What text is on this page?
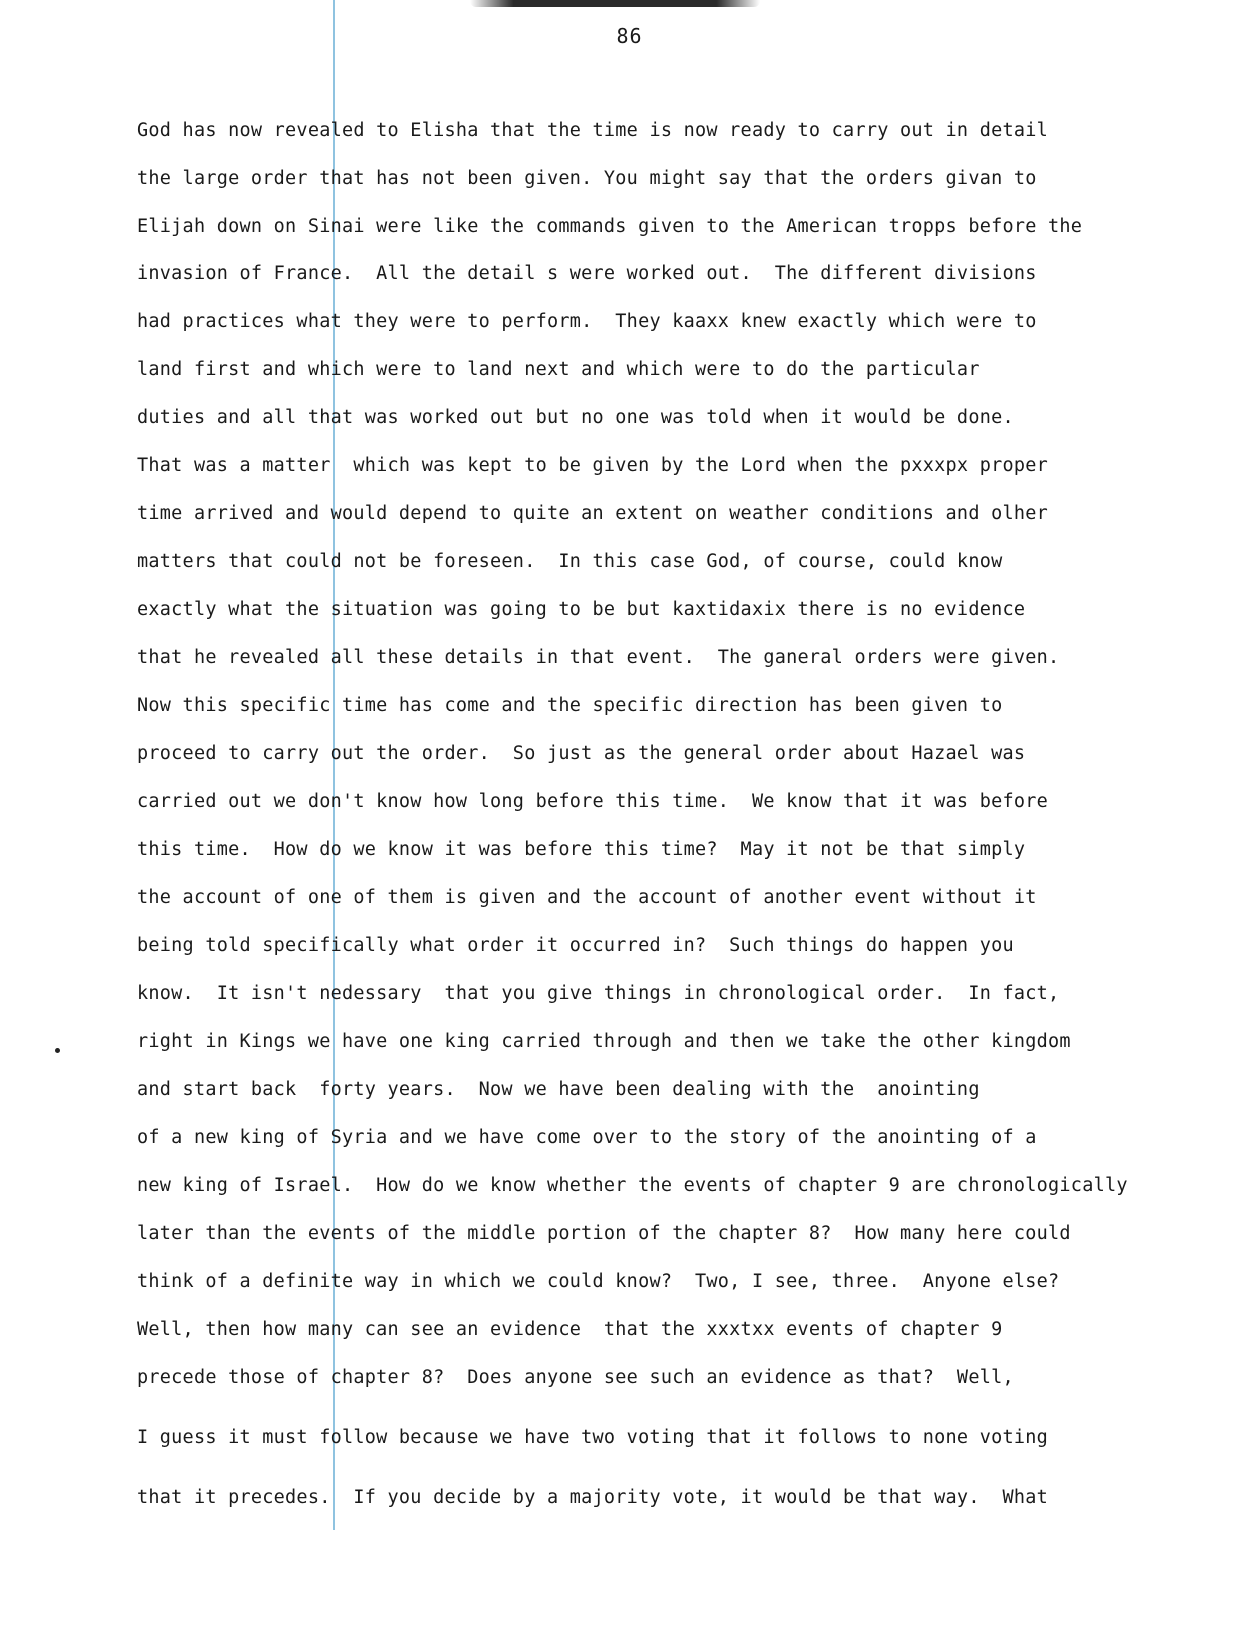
86
God has now revealed to Elisha that the time is now ready to carry out in detail
the large order that has not been given. You might say that the orders givan to
Elijah down on Sinai were like the commands given to the American tropps before the
invasion of France.  All the detail s were worked out.  The different divisions
had practices what they were to perform.  They kaaxx knew exactly which were to
land first and which were to land next and which were to do the particular
duties and all that was worked out but no one was told when it would be done.
That was a matter  which was kept to be given by the Lord when the pxxxpx proper
time arrived and would depend to quite an extent on weather conditions and olher
matters that could not be foreseen.  In this case God, of course, could know
exactly what the situation was going to be but kaxtidaxix there is no evidence
that he revealed all these details in that event.  The ganeral orders were given.
Now this specific time has come and the specific direction has been given to
proceed to carry out the order.  So just as the general order about Hazael was
carried out we don't know how long before this time.  We know that it was before
this time.  How do we know it was before this time?  May it not be that simply
the account of one of them is given and the account of another event without it
being told specifically what order it occurred in?  Such things do happen you
know.  It isn't nedessary  that you give things in chronological order.  In fact,
right in Kings we have one king carried through and then we take the other kingdom
and start back  forty years.  Now we have been dealing with the  anointing
of a new king of Syria and we have come over to the story of the anointing of a
new king of Israel.  How do we know whether the events of chapter 9 are chronologically
later than the events of the middle portion of the chapter 8?  How many here could
think of a definite way in which we could know?  Two, I see, three.  Anyone else?
Well, then how many can see an evidence  that the xxxtxx events of chapter 9
precede those of chapter 8?  Does anyone see such an evidence as that?  Well,
I guess it must follow because we have two voting that it follows to none voting
that it precedes.  If you decide by a majority vote, it would be that way.  What
